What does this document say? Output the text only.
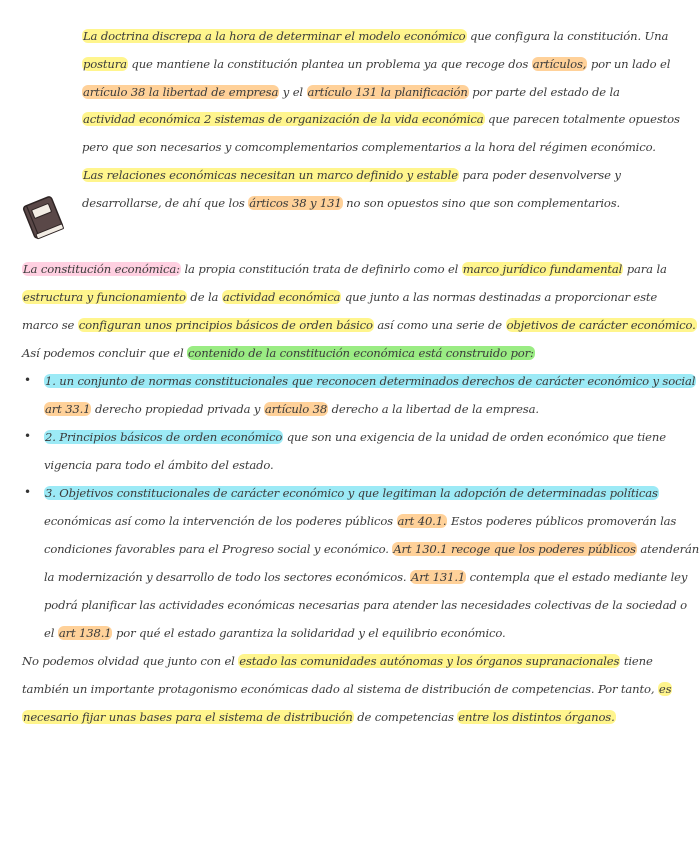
La doctrina discrepa a la hora de determinar el modelo económico que configura la constitución. Una
postura que mantiene la constitución plantea un problema ya que recoge dos artículos, por un lado el
artículo 38 la libertad de empresa y el artículo 131 la planificación por parte del estado de la
actividad económica 2 sistemas de organización de la vida económica que parecen totalmente opuestos
pero que son necesarios y comcomplementarios complementarios a la hora del régimen económico.
Las relaciones económicas necesitan un marco definido y estable para poder desenvolverse y
desarrollarse, de ahí que los árticos 38 y 131 no son opuestos sino que son complementarios.
La constitución económica: la propia constitución trata de definirlo como el marco jurídico fundamental para la
estructura y funcionamiento de la actividad económica que junto a las normas destinadas a proporcionar este
marco se configuran unos principios básicos de orden básico así como una serie de objetivos de carácter económico.
Así podemos concluir que el contenido de la constitución económica está construido por:
• 1. un conjunto de normas constitucionales que reconocen determinados derechos de carácter económico y social
art 33.1 derecho propiedad privada y artículo 38 derecho a la libertad de la empresa.
• 2. Principios básicos de orden económico que son una exigencia de la unidad de orden económico que tiene
vigencia para todo el ámbito del estado.
• 3. Objetivos constitucionales de carácter económico y que legitiman la adopción de determinadas políticas
económicas así como la intervención de los poderes públicos art 40.1. Estos poderes públicos promoverán las
condiciones favorables para el Progreso social y económico. Art 130.1 recoge que los poderes públicos atenderán
la modernización y desarrollo de todo los sectores económicos. Art 131.1 contempla que el estado mediante ley
podrá planificar las actividades económicas necesarias para atender las necesidades colectivas de la sociedad o
el art 138.1 por qué el estado garantiza la solidaridad y el equilibrio económico.
No podemos olvidad que junto con el estado las comunidades autónomas y los órganos supranacionales tiene
también un importante protagonismo económicas dado al sistema de distribución de competencias. Por tanto, es
necesario fijar unas bases para el sistema de distribución de competencias entre los distintos órganos.
